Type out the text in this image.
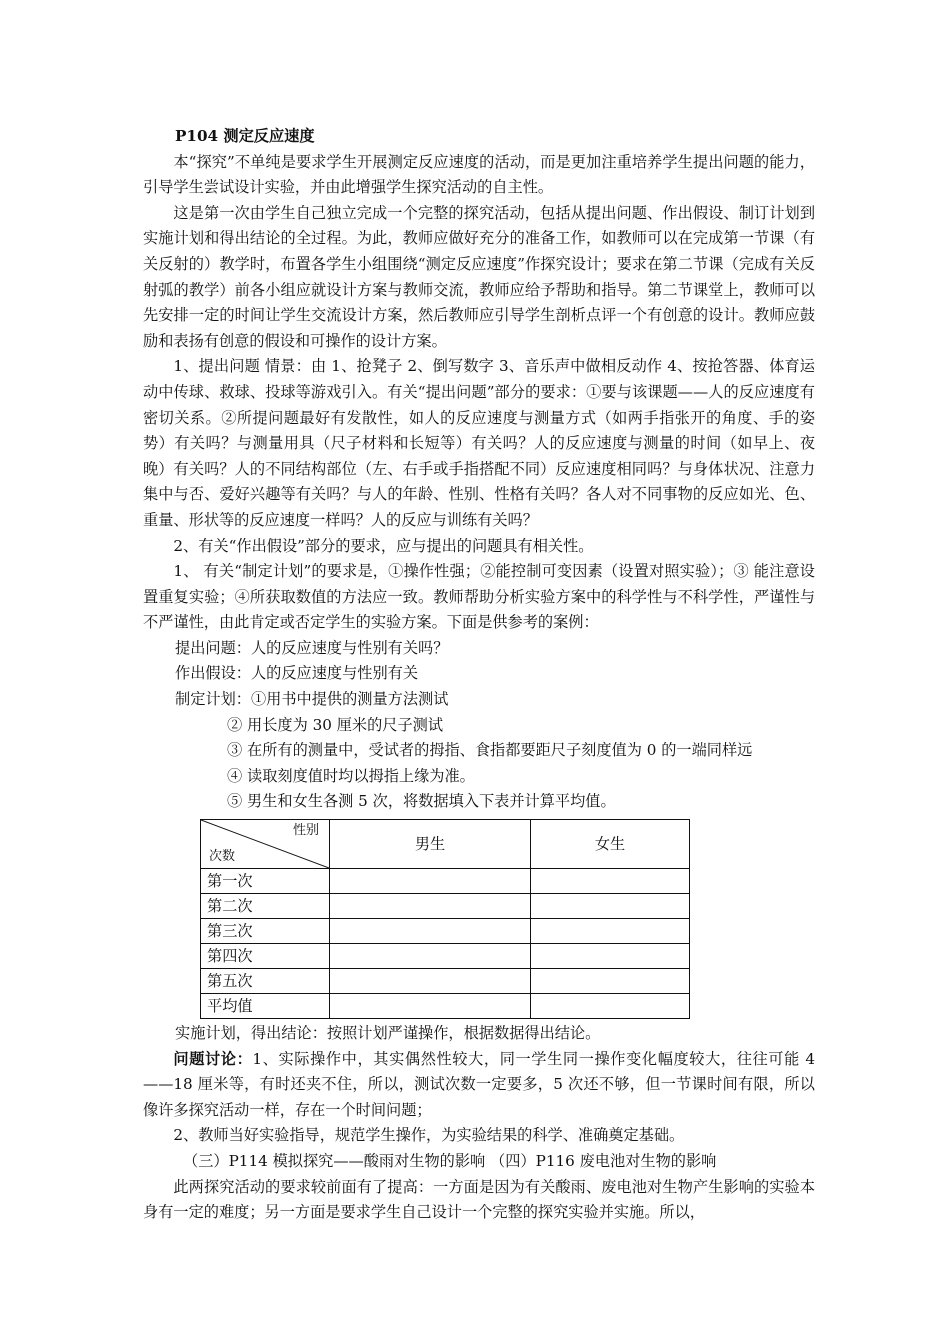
P104 测定反应速度

本“探究”不单纯是要求学生开展测定反应速度的活动，而是更加注重培养学生提出问题的能力，引导学生尝试设计实验，并由此增强学生探究活动的自主性。

这是第一次由学生自己独立完成一个完整的探究活动，包括从提出问题、作出假设、制订计划到实施计划和得出结论的全过程。为此，教师应做好充分的准备工作，如教师可以在完成第一节课（有关反射的）教学时，布置各学生小组围绕“测定反应速度”作探究设计；要求在第二节课（完成有关反射弧的教学）前各小组应就设计方案与教师交流，教师应给予帮助和指导。第二节课堂上，教师可以先安排一定的时间让学生交流设计方案，然后教师应引导学生剖析点评一个有创意的设计。教师应鼓励和表扬有创意的假设和可操作的设计方案。

1、提出问题 情景：由 1、抢凳子 2、倒写数字 3、音乐声中做相反动作 4、按抢答器、体育运动中传球、救球、投球等游戏引入。有关“提出问题”部分的要求：①要与该课题——人的反应速度有密切关系。②所提问题最好有发散性，如人的反应速度与测量方式（如两手指张开的角度、手的姿势）有关吗？与测量用具（尺子材料和长短等）有关吗？人的反应速度与测量的时间（如早上、夜晚）有关吗？人的不同结构部位（左、右手或手指搭配不同）反应速度相同吗？与身体状况、注意力集中与否、爱好兴趣等有关吗？与人的年龄、性别、性格有关吗？各人对不同事物的反应如光、色、重量、形状等的反应速度一样吗？人的反应与训练有关吗？

2、有关“作出假设”部分的要求，应与提出的问题具有相关性。

1、 有关“制定计划”的要求是，①操作性强；②能控制可变因素（设置对照实验）；③ 能注意设置重复实验；④所获取数值的方法应一致。教师帮助分析实验方案中的科学性与不科学性，严谨性与不严谨性，由此肯定或否定学生的实验方案。下面是供参考的案例：

提出问题：人的反应速度与性别有关吗？

作出假设：人的反应速度与性别有关

制定计划：①用书中提供的测量方法测试

② 用长度为 30 厘米的尺子测试

③ 在所有的测量中，受试者的拇指、食指都要距尺子刻度值为 0 的一端同样远

④ 读取刻度值时均以拇指上缘为准。

⑤ 男生和女生各测 5 次，将数据填入下表并计算平均值。

性别
次数	男生	女生
第一次		
第二次		
第三次		
第四次		
第五次		
平均值		

实施计划，得出结论：按照计划严谨操作，根据数据得出结论。

问题讨论：1、实际操作中，其实偶然性较大，同一学生同一操作变化幅度较大，往往可能 4——18 厘米等，有时还夹不住，所以，测试次数一定要多，5 次还不够，但一节课时间有限，所以像许多探究活动一样，存在一个时间问题；

2、教师当好实验指导，规范学生操作，为实验结果的科学、准确奠定基础。

（三）P114 模拟探究——酸雨对生物的影响 （四）P116 废电池对生物的影响

此两探究活动的要求较前面有了提高：一方面是因为有关酸雨、废电池对生物产生影响的实验本身有一定的难度；另一方面是要求学生自己设计一个完整的探究实验并实施。所以，
